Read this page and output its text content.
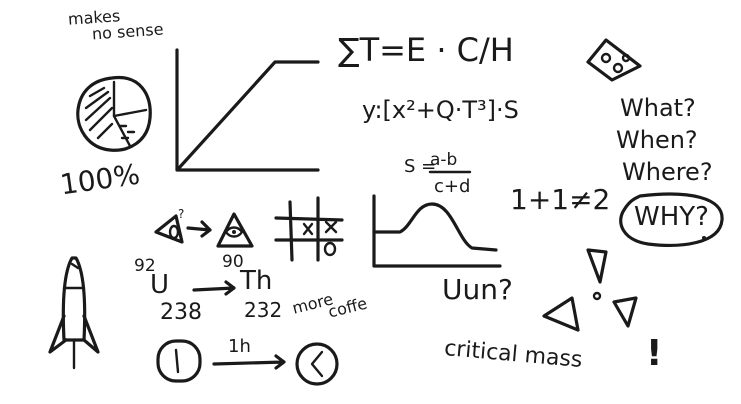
makes
no sense	∑T=E · C/H
y:[x²+Q·T³]·S
100%	S =
a-b
c+d
What?
When?
Where?
WHY?
1+1≠2
?
92
U
238
90
Th
232 more
coffe
1h
Uun?
critical mass !
